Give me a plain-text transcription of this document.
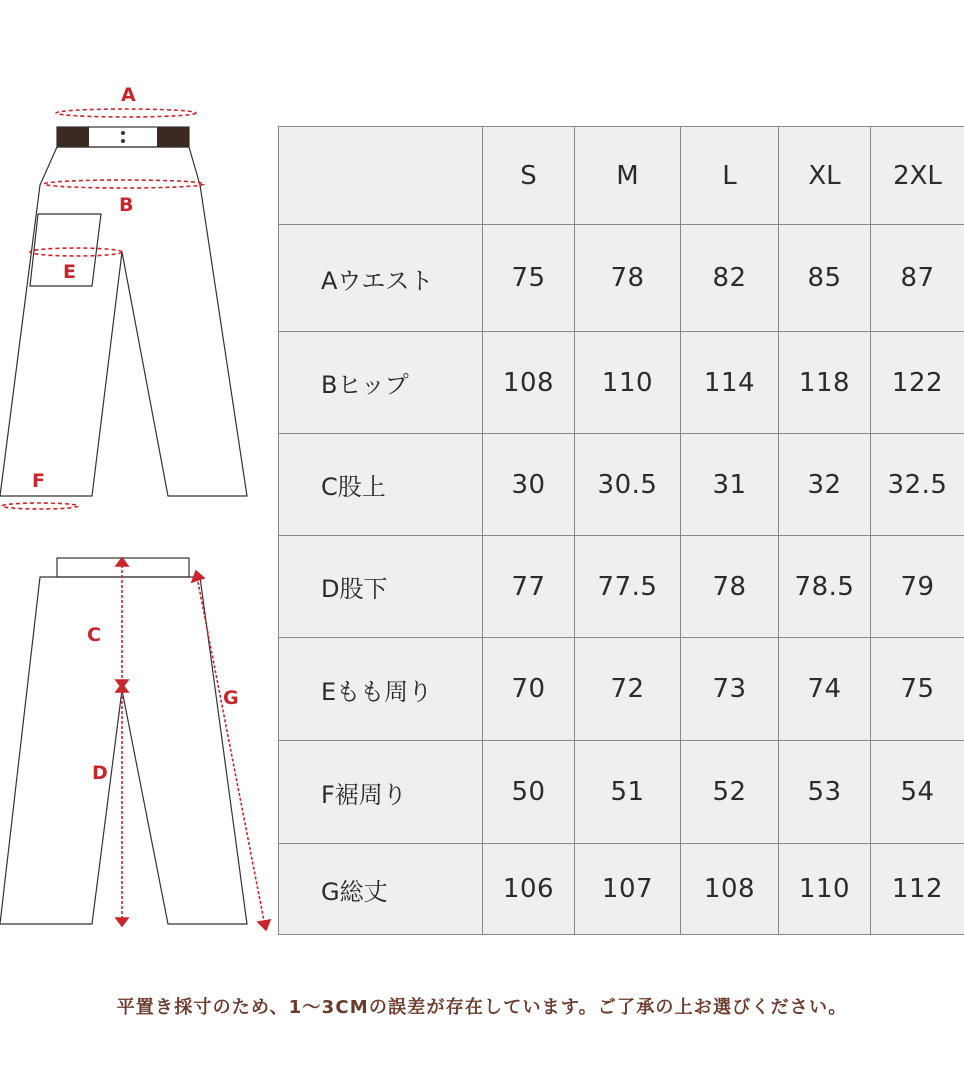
A
B
E
F
C
D
G
	S	M	L	XL	2XL
Aウエスト	75	78	82	85	87
Bヒップ	108	110	114	118	122
C股上	30	30.5	31	32	32.5
D股下	77	77.5	78	78.5	79
Eもも周り	70	72	73	74	75
F裾周り	50	51	52	53	54
G総丈	106	107	108	110	112
平置き採寸のため、1〜3CMの誤差が存在しています。ご了承の上お選びください。
